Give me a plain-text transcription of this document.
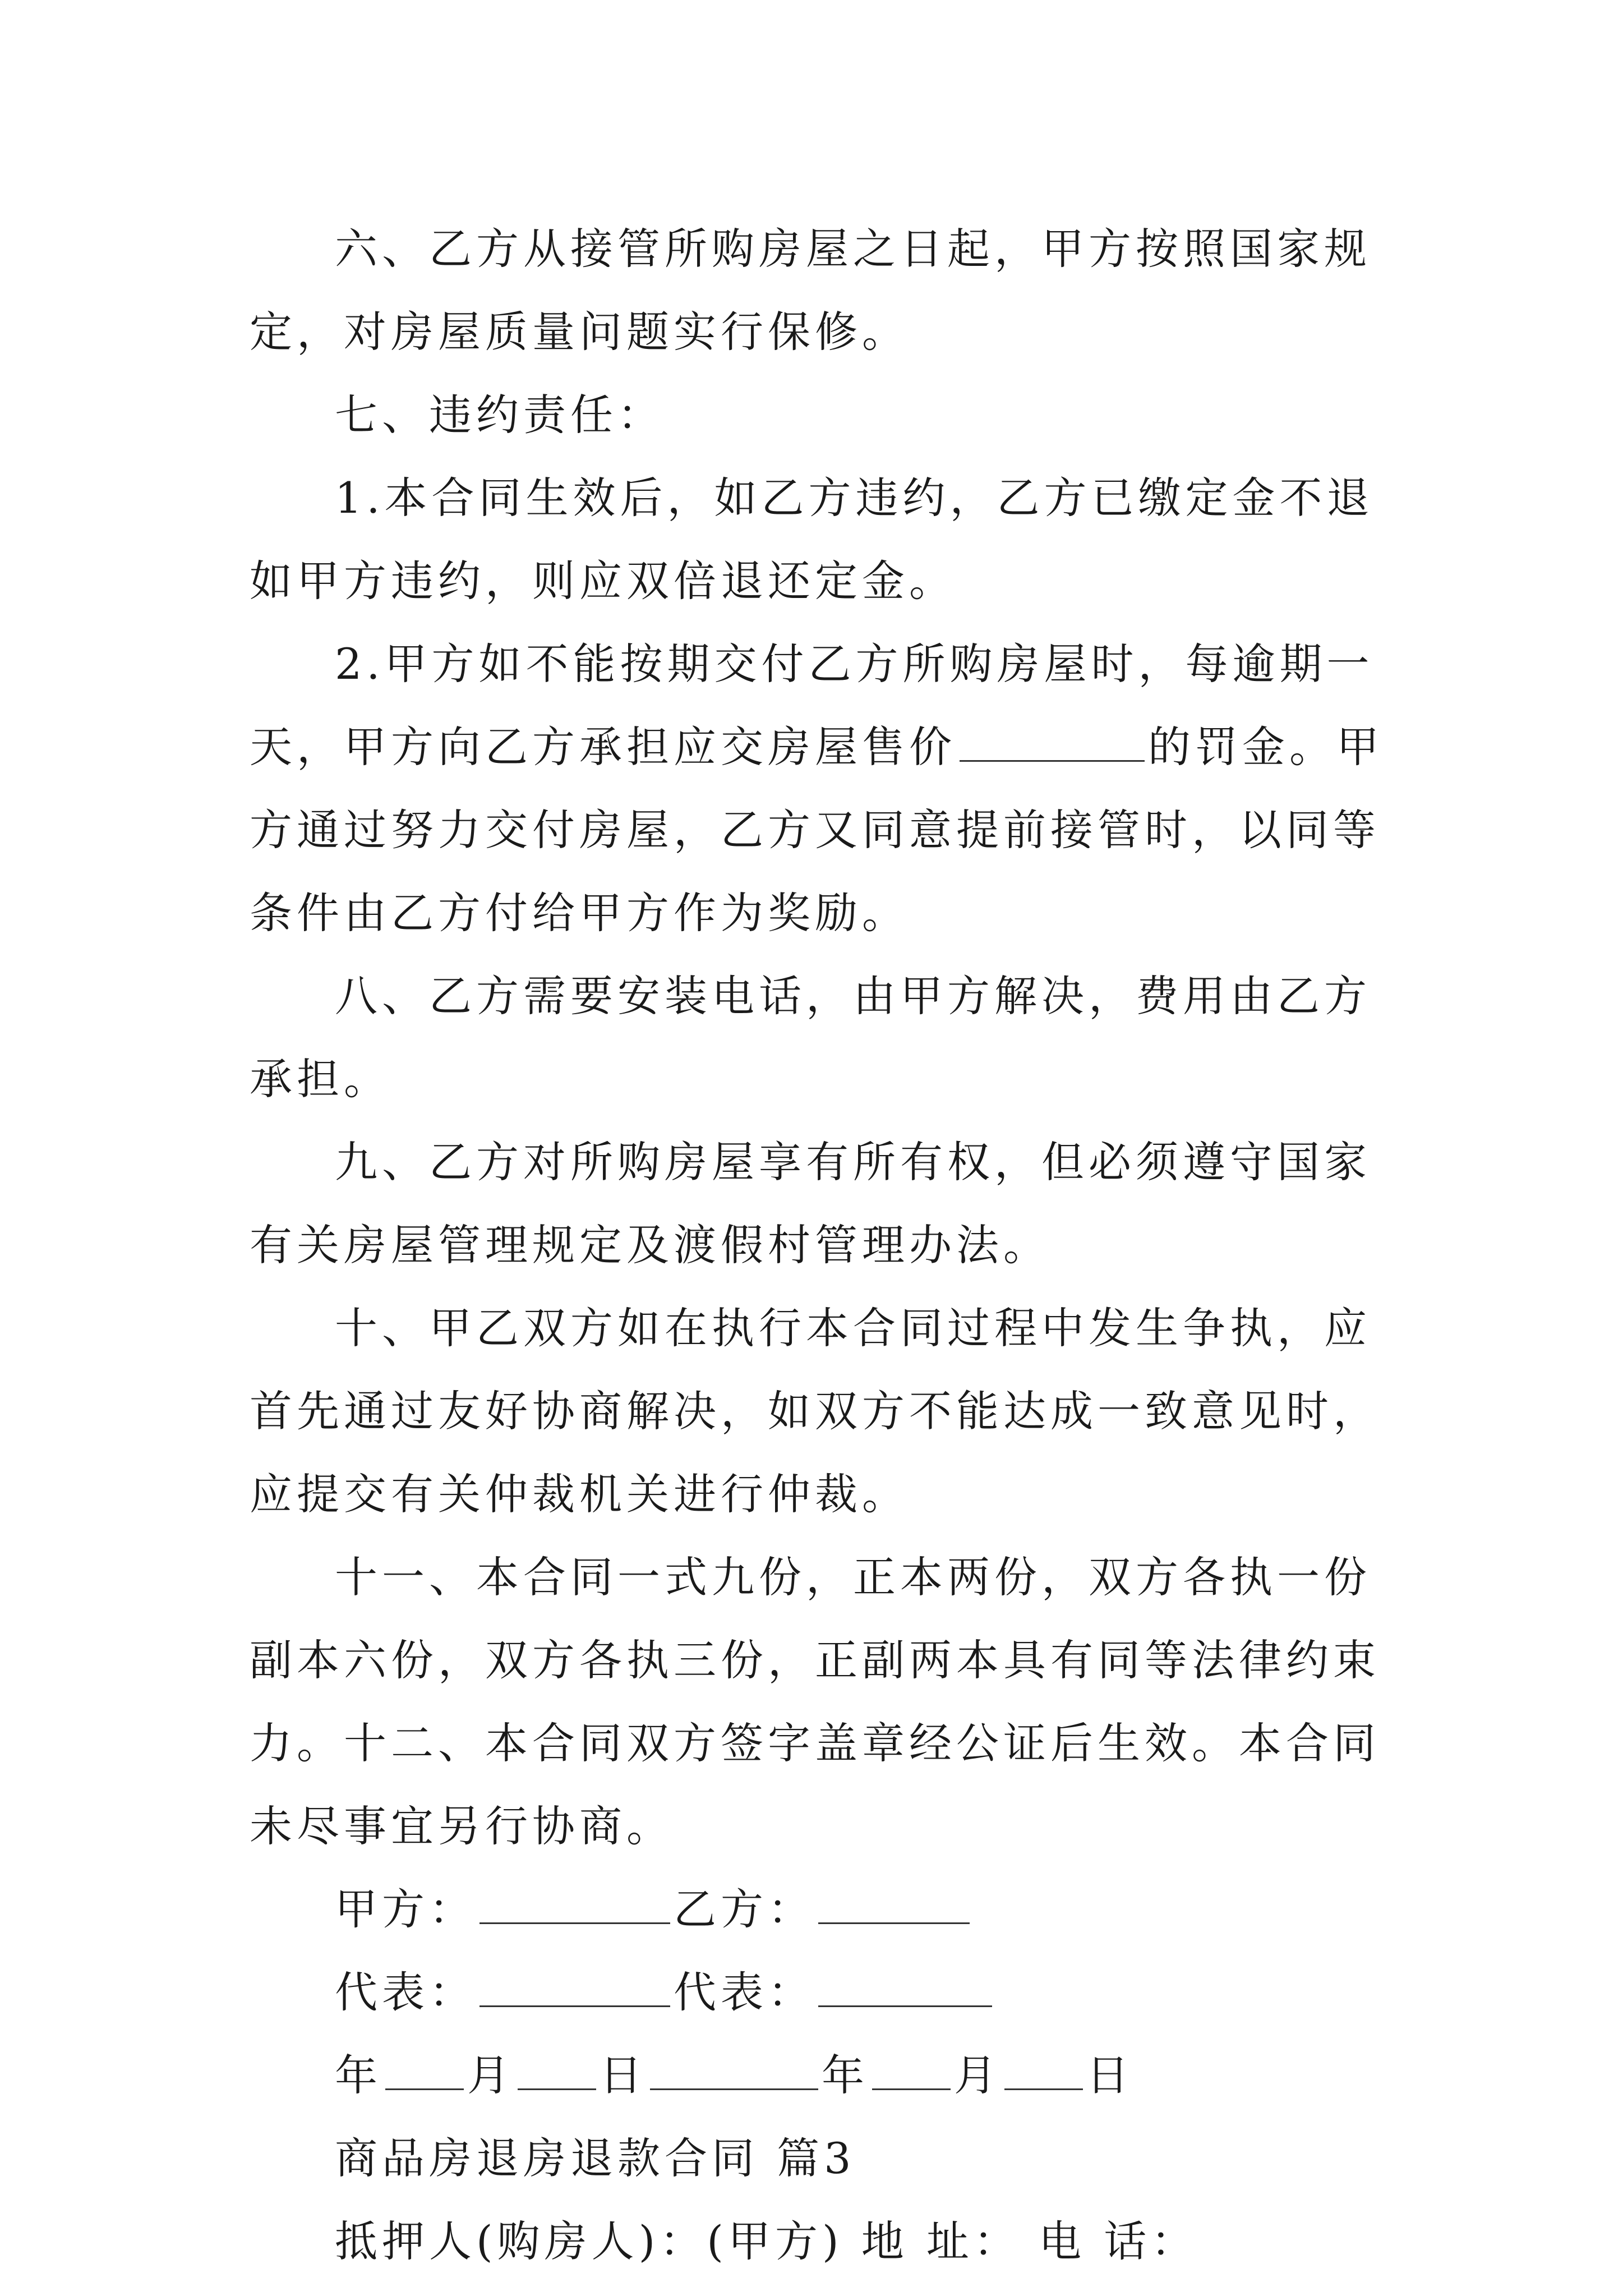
六、乙方从接管所购房屋之日起，甲方按照国家规定，对房屋质量问题实行保修。

七、违约责任：

1.本合同生效后，如乙方违约，乙方已缴定金不退如甲方违约，则应双倍退还定金。

2.甲方如不能按期交付乙方所购房屋时，每逾期一天，甲方向乙方承担应交房屋售价	的罚金。甲方通过努力交付房屋，乙方又同意提前接管时，以同等条件由乙方付给甲方作为奖励。

八、乙方需要安装电话，由甲方解决，费用由乙方承担。

九、乙方对所购房屋享有所有权，但必须遵守国家有关房屋管理规定及渡假村管理办法。

十、甲乙双方如在执行本合同过程中发生争执，应首先通过友好协商解决，如双方不能达成一致意见时，应提交有关仲裁机关进行仲裁。

十一、本合同一式九份，正本两份，双方各执一份副本六份，双方各执三份，正副两本具有同等法律约束力。十二、本合同双方签字盖章经公证后生效。本合同未尽事宜另行协商。

甲方：	乙方：

代表：	代表：

年 月 日	年 月 日

商品房退房退款合同 篇3

抵押人(购房人)：(甲方) 地 址： 电 话：
